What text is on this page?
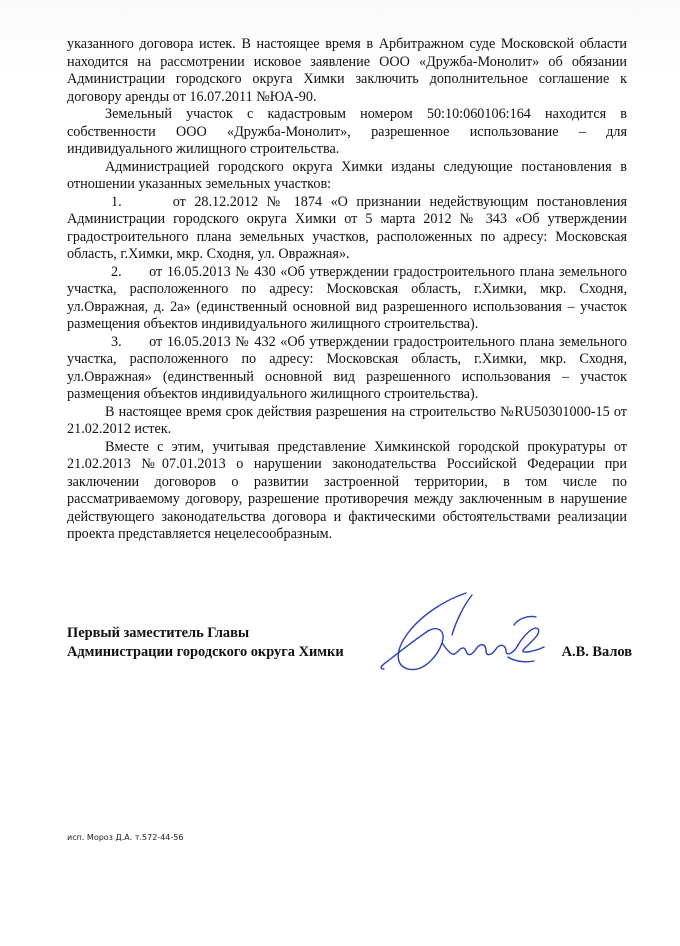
указанного договора истек. В настоящее время в Арбитражном суде Московской области находится на рассмотрении исковое заявление ООО «Дружба-Монолит» об обязании Администрации городского округа Химки заключить дополнительное соглашение к договору аренды от 16.07.2011 №ЮА-90.

Земельный участок с кадастровым номером 50:10:060106:164 находится в собственности ООО «Дружба-Монолит», разрешенное использование – для индивидуального жилищного строительства.

Администрацией городского округа Химки изданы следующие постановления в отношении указанных земельных участков:

1.      от 28.12.2012 № 1874 «О признании недействующим постановления Администрации городского округа Химки от 5 марта 2012 № 343 «Об утверждении градостроительного плана земельных участков, расположенных по адресу: Московская область, г.Химки, мкр. Сходня, ул. Овражная».

2.      от 16.05.2013 № 430 «Об утверждении градостроительного плана земельного участка, расположенного по адресу: Московская область, г.Химки, мкр. Сходня, ул.Овражная, д. 2а» (единственный основной вид разрешенного использования – участок размещения объектов индивидуального жилищного строительства).

3.      от 16.05.2013 № 432 «Об утверждении градостроительного плана земельного участка, расположенного по адресу: Московская область, г.Химки, мкр. Сходня, ул.Овражная» (единственный основной вид разрешенного использования – участок размещения объектов индивидуального жилищного строительства).

В настоящее время срок действия разрешения на строительство №RU50301000-15 от 21.02.2012 истек.

Вместе с этим, учитывая представление Химкинской городской прокуратуры от 21.02.2013 №07.01.2013 о нарушении законодательства Российской Федерации при заключении договоров о развитии застроенной территории, в том числе по рассматриваемому договору, разрешение противоречия между заключенным в нарушение действующего законодательства договора и фактическими обстоятельствами реализации проекта представляется нецелесообразным.

Первый заместитель Главы
Администрации городского округа Химки	А.В. Валов
исп. Мороз Д.А. т.572-44-56
